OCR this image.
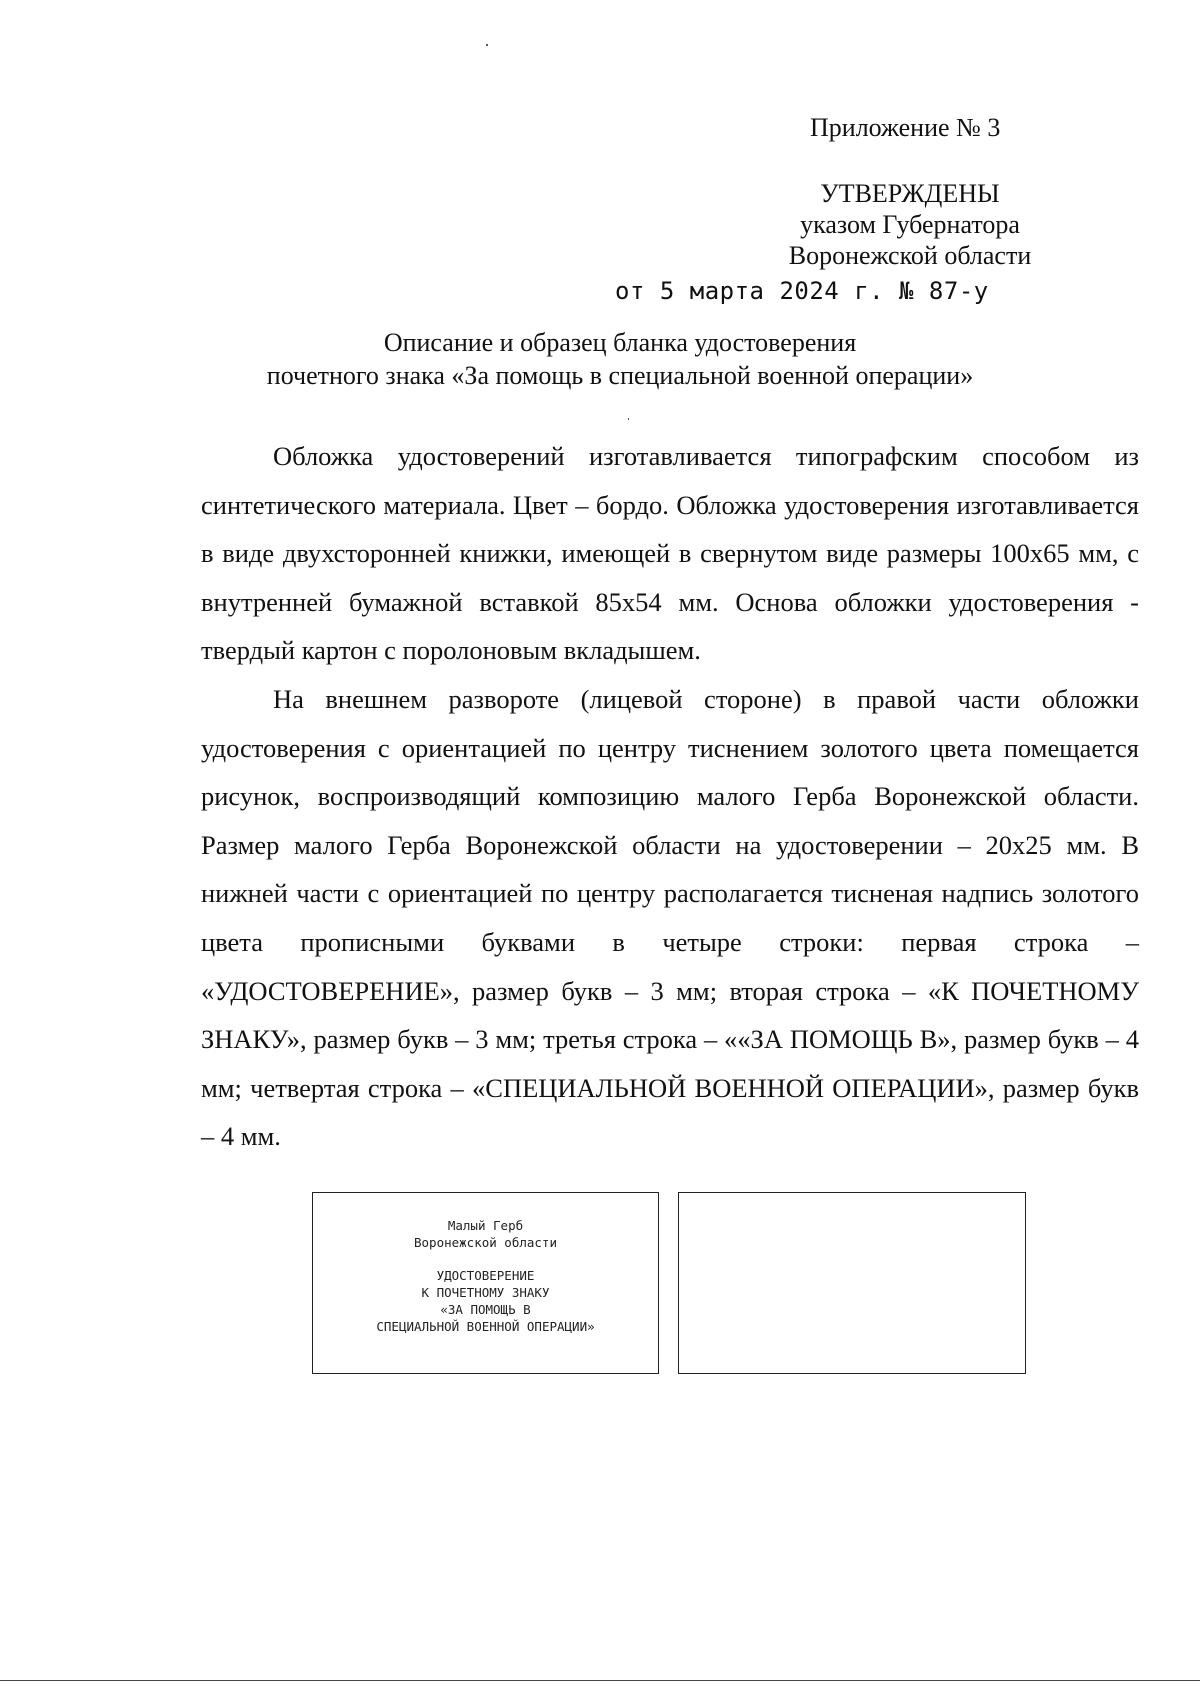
Приложение № 3
УТВЕРЖДЕНЫ
указом Губернатора
Воронежской области
от 5 марта 2024 г. № 87-у
Описание и образец бланка удостоверения
почетного знака «За помощь в специальной военной операции»

Обложка удостоверений изготавливается типографским способом из синтетического материала. Цвет – бордо. Обложка удостоверения изготавливается в виде двухсторонней книжки, имеющей в свернутом виде размеры 100х65 мм, с внутренней бумажной вставкой 85х54 мм. Основа обложки удостоверения - твердый картон с поролоновым вкладышем.

На внешнем развороте (лицевой стороне) в правой части обложки удостоверения с ориентацией по центру тиснением золотого цвета помещается рисунок, воспроизводящий композицию малого Герба Воронежской области. Размер малого Герба Воронежской области на удостоверении – 20х25 мм. В нижней части с ориентацией по центру располагается тисненая надпись золотого цвета прописными буквами в четыре строки: первая строка – «УДОСТОВЕРЕНИЕ», размер букв – 3 мм; вторая строка – «К ПОЧЕТНОМУ ЗНАКУ», размер букв – 3 мм; третья строка – ««ЗА ПОМОЩЬ В», размер букв – 4 мм; четвертая строка – «СПЕЦИАЛЬНОЙ ВОЕННОЙ ОПЕРАЦИИ», размер букв – 4 мм.

Малый Герб
Воронежской области
УДОСТОВЕРЕНИЕ
К ПОЧЕТНОМУ ЗНАКУ
«ЗА ПОМОЩЬ В
СПЕЦИАЛЬНОЙ ВОЕННОЙ ОПЕРАЦИИ»
